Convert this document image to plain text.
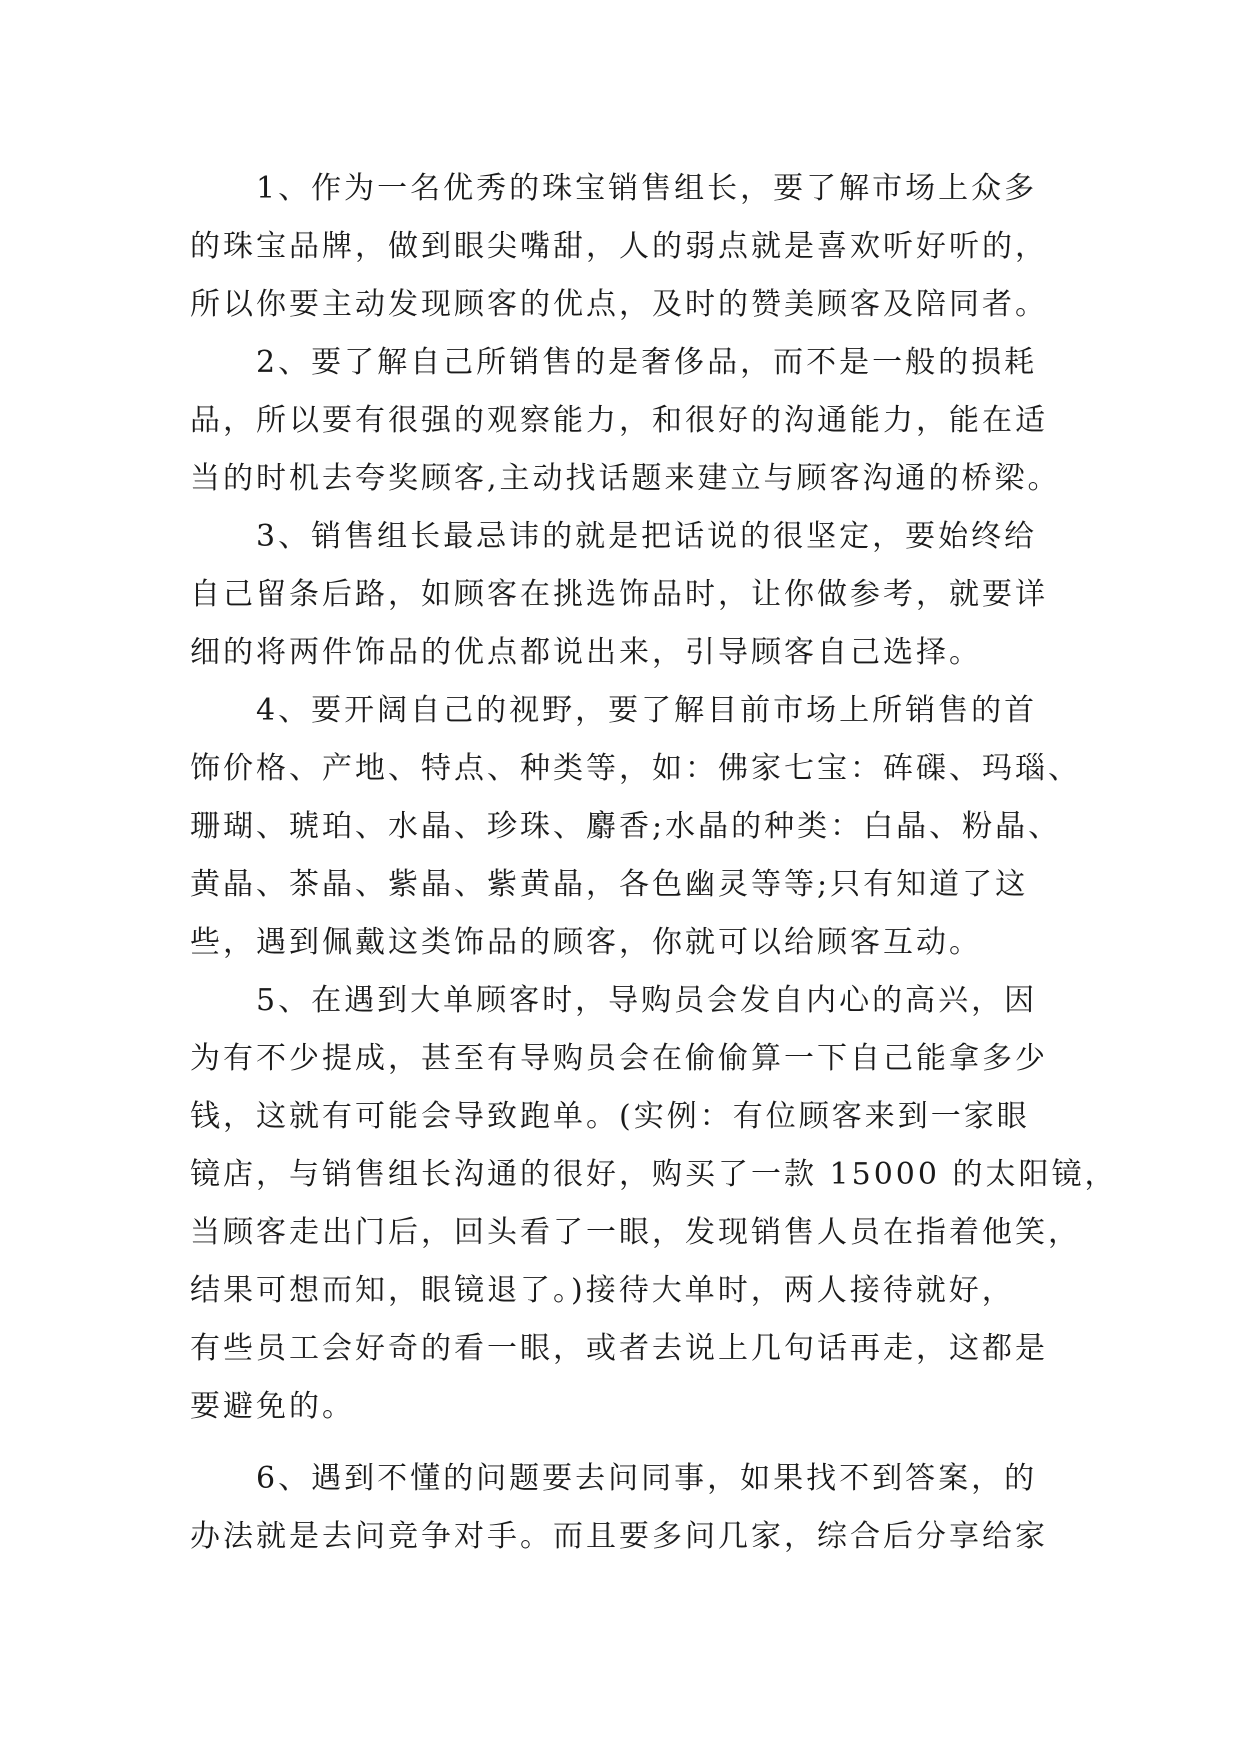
1、作为一名优秀的珠宝销售组长，要了解市场上众多
的珠宝品牌，做到眼尖嘴甜，人的弱点就是喜欢听好听的，
所以你要主动发现顾客的优点，及时的赞美顾客及陪同者。
2、要了解自己所销售的是奢侈品，而不是一般的损耗
品，所以要有很强的观察能力，和很好的沟通能力，能在适
当的时机去夸奖顾客,主动找话题来建立与顾客沟通的桥梁。
3、销售组长最忌讳的就是把话说的很坚定，要始终给
自己留条后路，如顾客在挑选饰品时，让你做参考，就要详
细的将两件饰品的优点都说出来，引导顾客自己选择。
4、要开阔自己的视野，要了解目前市场上所销售的首
饰价格、产地、特点、种类等，如：佛家七宝：砗磲、玛瑙、
珊瑚、琥珀、水晶、珍珠、麝香;水晶的种类：白晶、粉晶、
黄晶、茶晶、紫晶、紫黄晶，各色幽灵等等;只有知道了这
些，遇到佩戴这类饰品的顾客，你就可以给顾客互动。
5、在遇到大单顾客时，导购员会发自内心的高兴，因
为有不少提成，甚至有导购员会在偷偷算一下自己能拿多少
钱，这就有可能会导致跑单。(实例：有位顾客来到一家眼
镜店，与销售组长沟通的很好，购买了一款 15000 的太阳镜，
当顾客走出门后，回头看了一眼，发现销售人员在指着他笑，
结果可想而知，眼镜退了。)接待大单时，两人接待就好，
有些员工会好奇的看一眼，或者去说上几句话再走，这都是
要避免的。
6、遇到不懂的问题要去问同事，如果找不到答案，的
办法就是去问竞争对手。而且要多问几家，综合后分享给家
